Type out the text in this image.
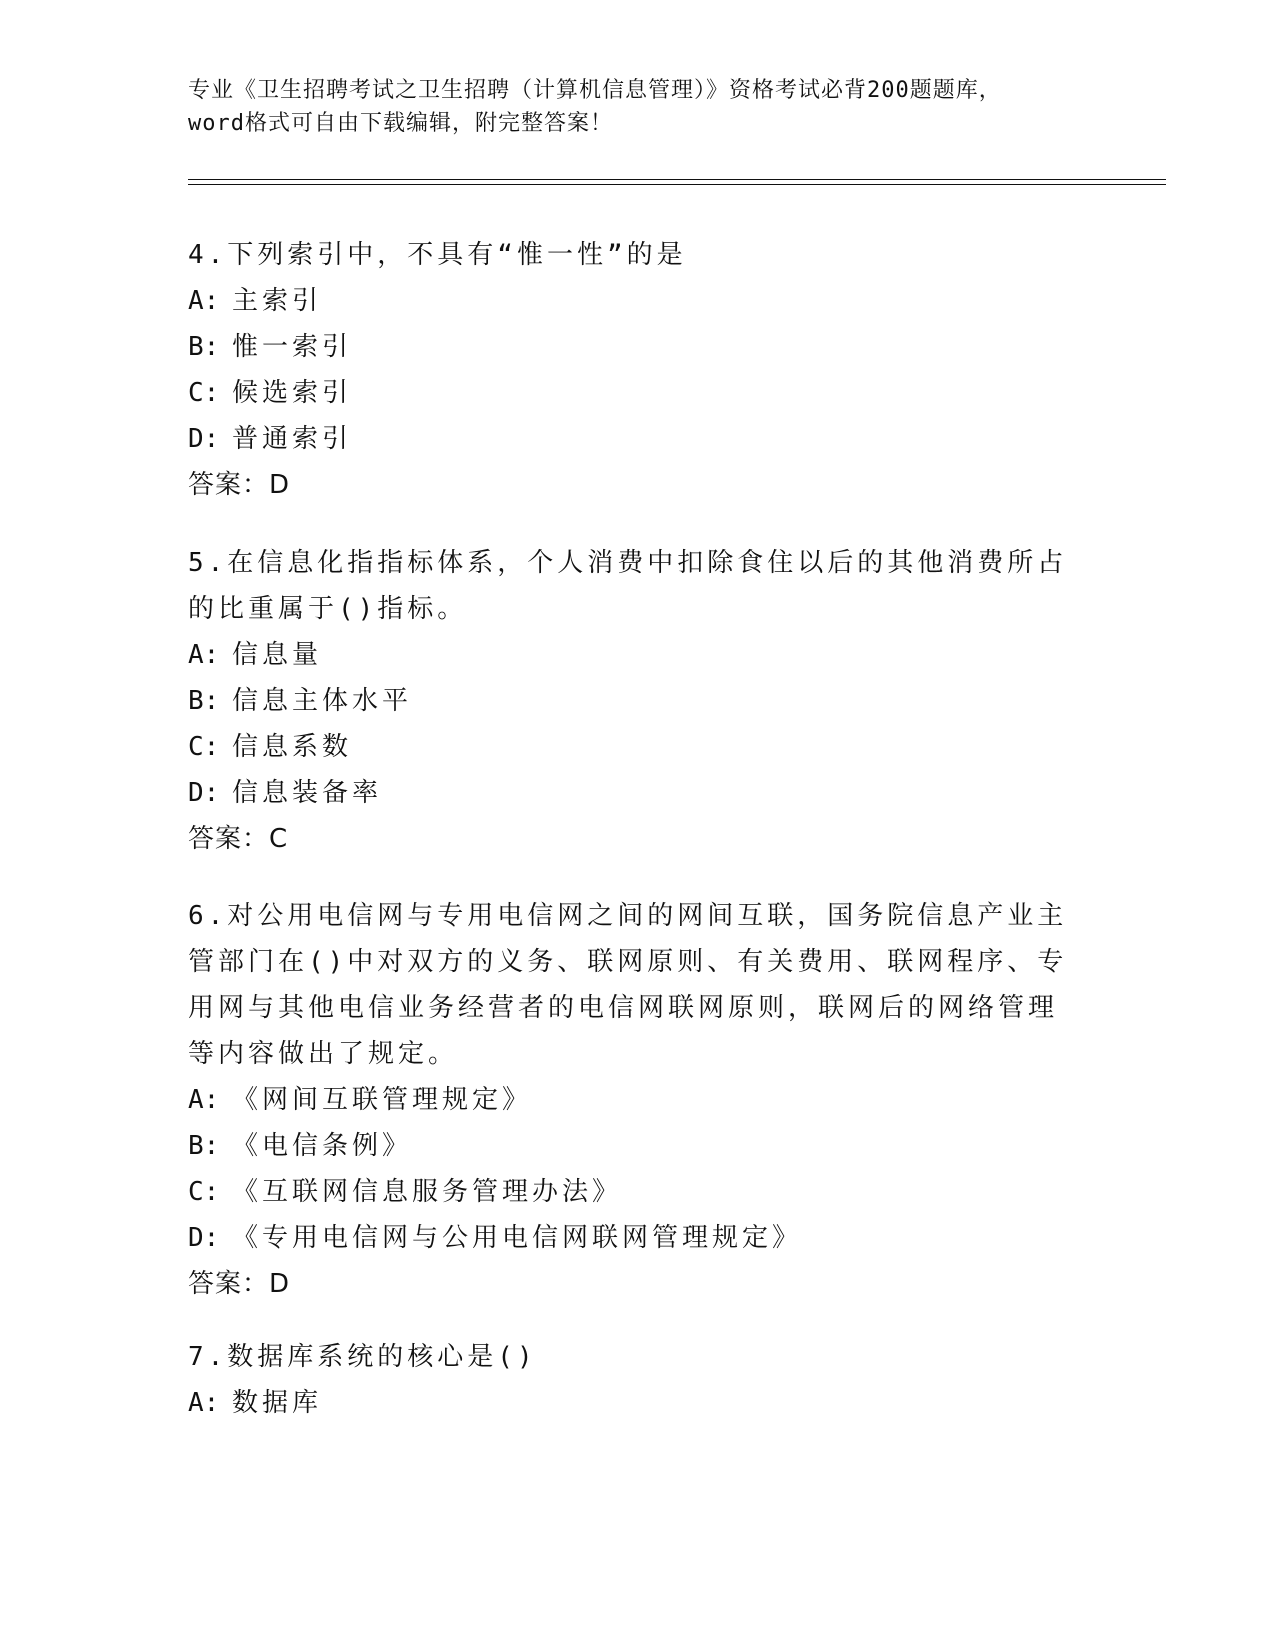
专业《卫生招聘考试之卫生招聘（计算机信息管理）》资格考试必背200题题库，
word格式可自由下载编辑，附完整答案！
4.下列索引中，不具有“惟一性”的是
A: 主索引
B: 惟一索引
C: 候选索引
D: 普通索引
答案：D
5.在信息化指指标体系，个人消费中扣除食住以后的其他消费所占的比重属于()指标。
A: 信息量
B: 信息主体水平
C: 信息系数
D: 信息装备率
答案：C
6.对公用电信网与专用电信网之间的网间互联，国务院信息产业主管部门在()中对双方的义务、联网原则、有关费用、联网程序、专用网与其他电信业务经营者的电信网联网原则，联网后的网络管理等内容做出了规定。
A: 《网间互联管理规定》
B: 《电信条例》
C: 《互联网信息服务管理办法》
D: 《专用电信网与公用电信网联网管理规定》
答案：D
7.数据库系统的核心是()
A: 数据库
